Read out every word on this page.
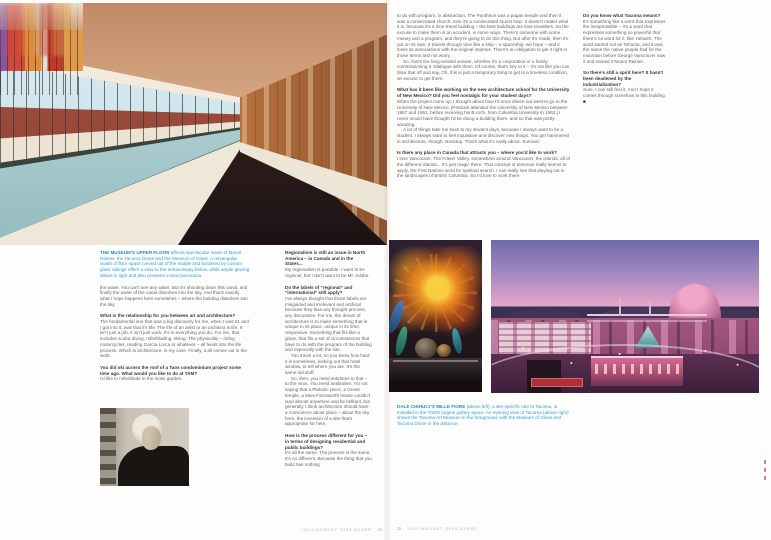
THE MUSEUM'S UPPER FLOOR affords spectacular views of Mount Rainier, the Tacoma Dome and the Museum of Glass. A rectangular swath of floor space carved out of the middle and bordered by custom glass railings offers a view to the entranceway below, while ample glazing allows in light and also presents a view panorama.

the water. You can't see any water. But it's shooting down this canal, and finally the water of the canal dissolves into the sky. And that's exactly what I hope happens here sometimes – where the building dissolves into the sky.

What is the relationship for you between art and architecture?

The fundamental one that was a big discovery for me, when I was 21 and I got into it, was that it's life. The life of an artist or an architect is life. It isn't just a job, it isn't just work. It's in everything you do. For me, that includes scuba diving, rollerblading, skiing. The physicality – riding motorcycles, reading García Lorca or whatever – all feeds into the life process. Which is architecture, in my case. Finally, it all comes out in the work.

You did ski across the roof of a Taos condominium project some time ago. What would you like to do at TAM?

I'd like to rollerblade in the moss garden.

Regionalism is still an issue in North America – in Canada and in the States...

My regionalism is portable. I want to be regional, but I don't want to be Mr. Adobe.

Do the labels of “regional” and “international” still apply?

I've always thought that those labels are misguided and irrelevant and artificial because they bias any thought process, any discussion. For me, the dream of architecture is to make something that is unique in its place, unique in its time, responsive. Something that fits like a glove, that fits a set of circumstances that have to do with the program of the building and especially with the site.

You travel a lot, so you know how hard it is sometimes, looking out that hotel window, to tell where you are. It's the same old stuff.

So, then, you need antidotes to that – to the virus. You need antibodies. I'm not saying that a Platonic piece, a Greek temple, a Mies Farnsworth house couldn't land almost anywhere and be brilliant, but generally I think architecture should have a conscience about place – about the sky here, the invention of a site that's appropriate for here.

How is the process different for you – in terms of designing residential and public buildings?

It's all the same. The process is the same. It's no different. Because the thing that you build has nothing

JULY/AUGUST 2004 AZURE 71

to do with program, in abstraction. The Pantheon was a pagan temple and then it was a consecrated church; now it's a consecrated tourist stop. It doesn't matter what it is, because it's a time-travel building – the best buildings are time travellers. So the excuse to make them is an accident, in some ways. There's someone with some money and a program, and they're going to do this thing. But after it's made, then it's out on its own. It travels through time like a ship – a spaceship, we hope – and it loses its associations with the original impetus. There's an obligation to get it right in those terms and not worry.

So, that's the long-winded answer, whether it's a corporation or a family commissioning it. Dialogue with them. Of course, that's key to it – it's not like you can blow that off and say, Oh, this is just a temporary thing to get to a timeless condition, an excuse to get there.

What has it been like working on the new architecture school for the University of New Mexico? Did you feel nostalgic for your student days?

When the project came up, I thought about how I'd once driven out west to go to the University of New Mexico. [Predock attended the University of New Mexico between 1957 and 1961, before receiving his B.Arch. from Columbia University in 1962.] I never would have thought I'd be doing a building there, and so that was pretty amazing.

A lot of things take me back to my student days, because I always want to be a student. I always want to feel inquisitive and discover new things. You get hammered in architecture, though. Nonstop. That's what it's really about. Survival.

Is there any place in Canada that attracts you – where you'd like to work?

I love Vancouver. The Fraser Valley, somewhere around Vancouver, the islands, all of the different islands... It's just magic there. That concept of temenos really seems to apply, the First Nations word for spiritual search. I can really see that playing out in the landscapes of British Columbia. So I'd love to work there.

Do you know what Tacoma means?

It's something like a word that expresses the inexpressible – it's a word that expresses something so powerful that there's no word for it, like Yahweh. The word started out as Tahoma, and it was the name the native people had for the mountain before George Vancouver saw it and named it Mount Rainier.

So there's still a spirit here? It hasn't been deadened by the industrialization?

Sure, I can still feel it. And I hope it comes through somehow in this building. ■

DALE CHIHULY'S MILLE FIORE (above left), a site-specific ode to Tacoma, is installed in the TAM's largest gallery space. An evening view of Tacoma (above right) shows the Tacoma Art Museum in the foreground, with the Museum of Glass and Tacoma Dome in the distance.

72 JULY/AUGUST 2004 AZURE
